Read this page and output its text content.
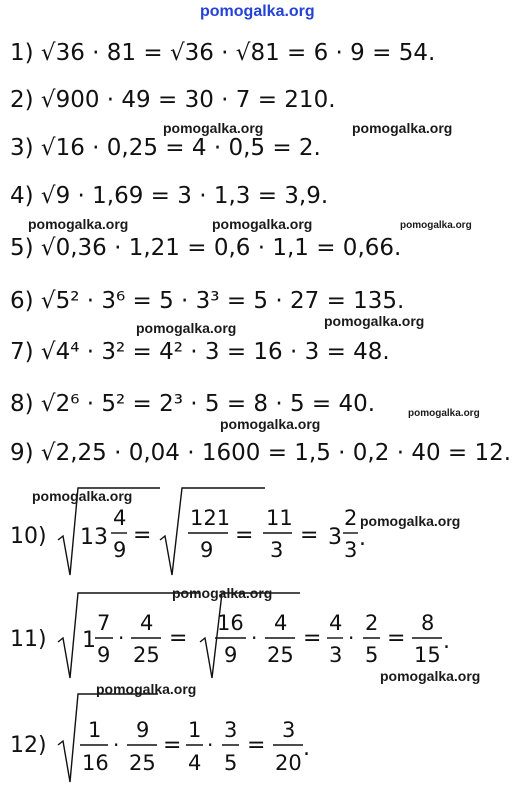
pomogalka.org
1) √36 · 81 = √36 · √81 = 6 · 9 = 54.
2) √900 · 49 = 30 · 7 = 210.
3) √16 · 0,25 = 4 · 0,5 = 2.
4) √9 · 1,69 = 3 · 1,3 = 3,9.
5) √0,36 · 1,21 = 0,6 · 1,1 = 0,66.
6) √5² · 3⁶ = 5 · 3³ = 5 · 27 = 135.
7) √4⁴ · 3² = 4² · 3 = 16 · 3 = 48.
8) √2⁶ · 5² = 2³ · 5 = 8 · 5 = 40.
9) √2,25 · 0,04 · 1600 = 1,5 · 0,2 · 40 = 12.
10) 13
4
9
=
121
9
=
11
3
= 3
2
3 .
11) 1
7
9
·
4
25
=
16
9
·
4
25
=
4
3
·
2
5
=
8
15
.
12)
1
16
·
9
25
=
1
4
·
3
5
=
3
20
.
pomogalka.org	pomogalka.org
pomogalka.org	pomogalka.org	pomogalka.org
pomogalka.org
pomogalka.org
pomogalka.org
pomogalka.org
pomogalka.org
pomogalka.org
pomogalka.org
pomogalka.org
pomogalka.org
